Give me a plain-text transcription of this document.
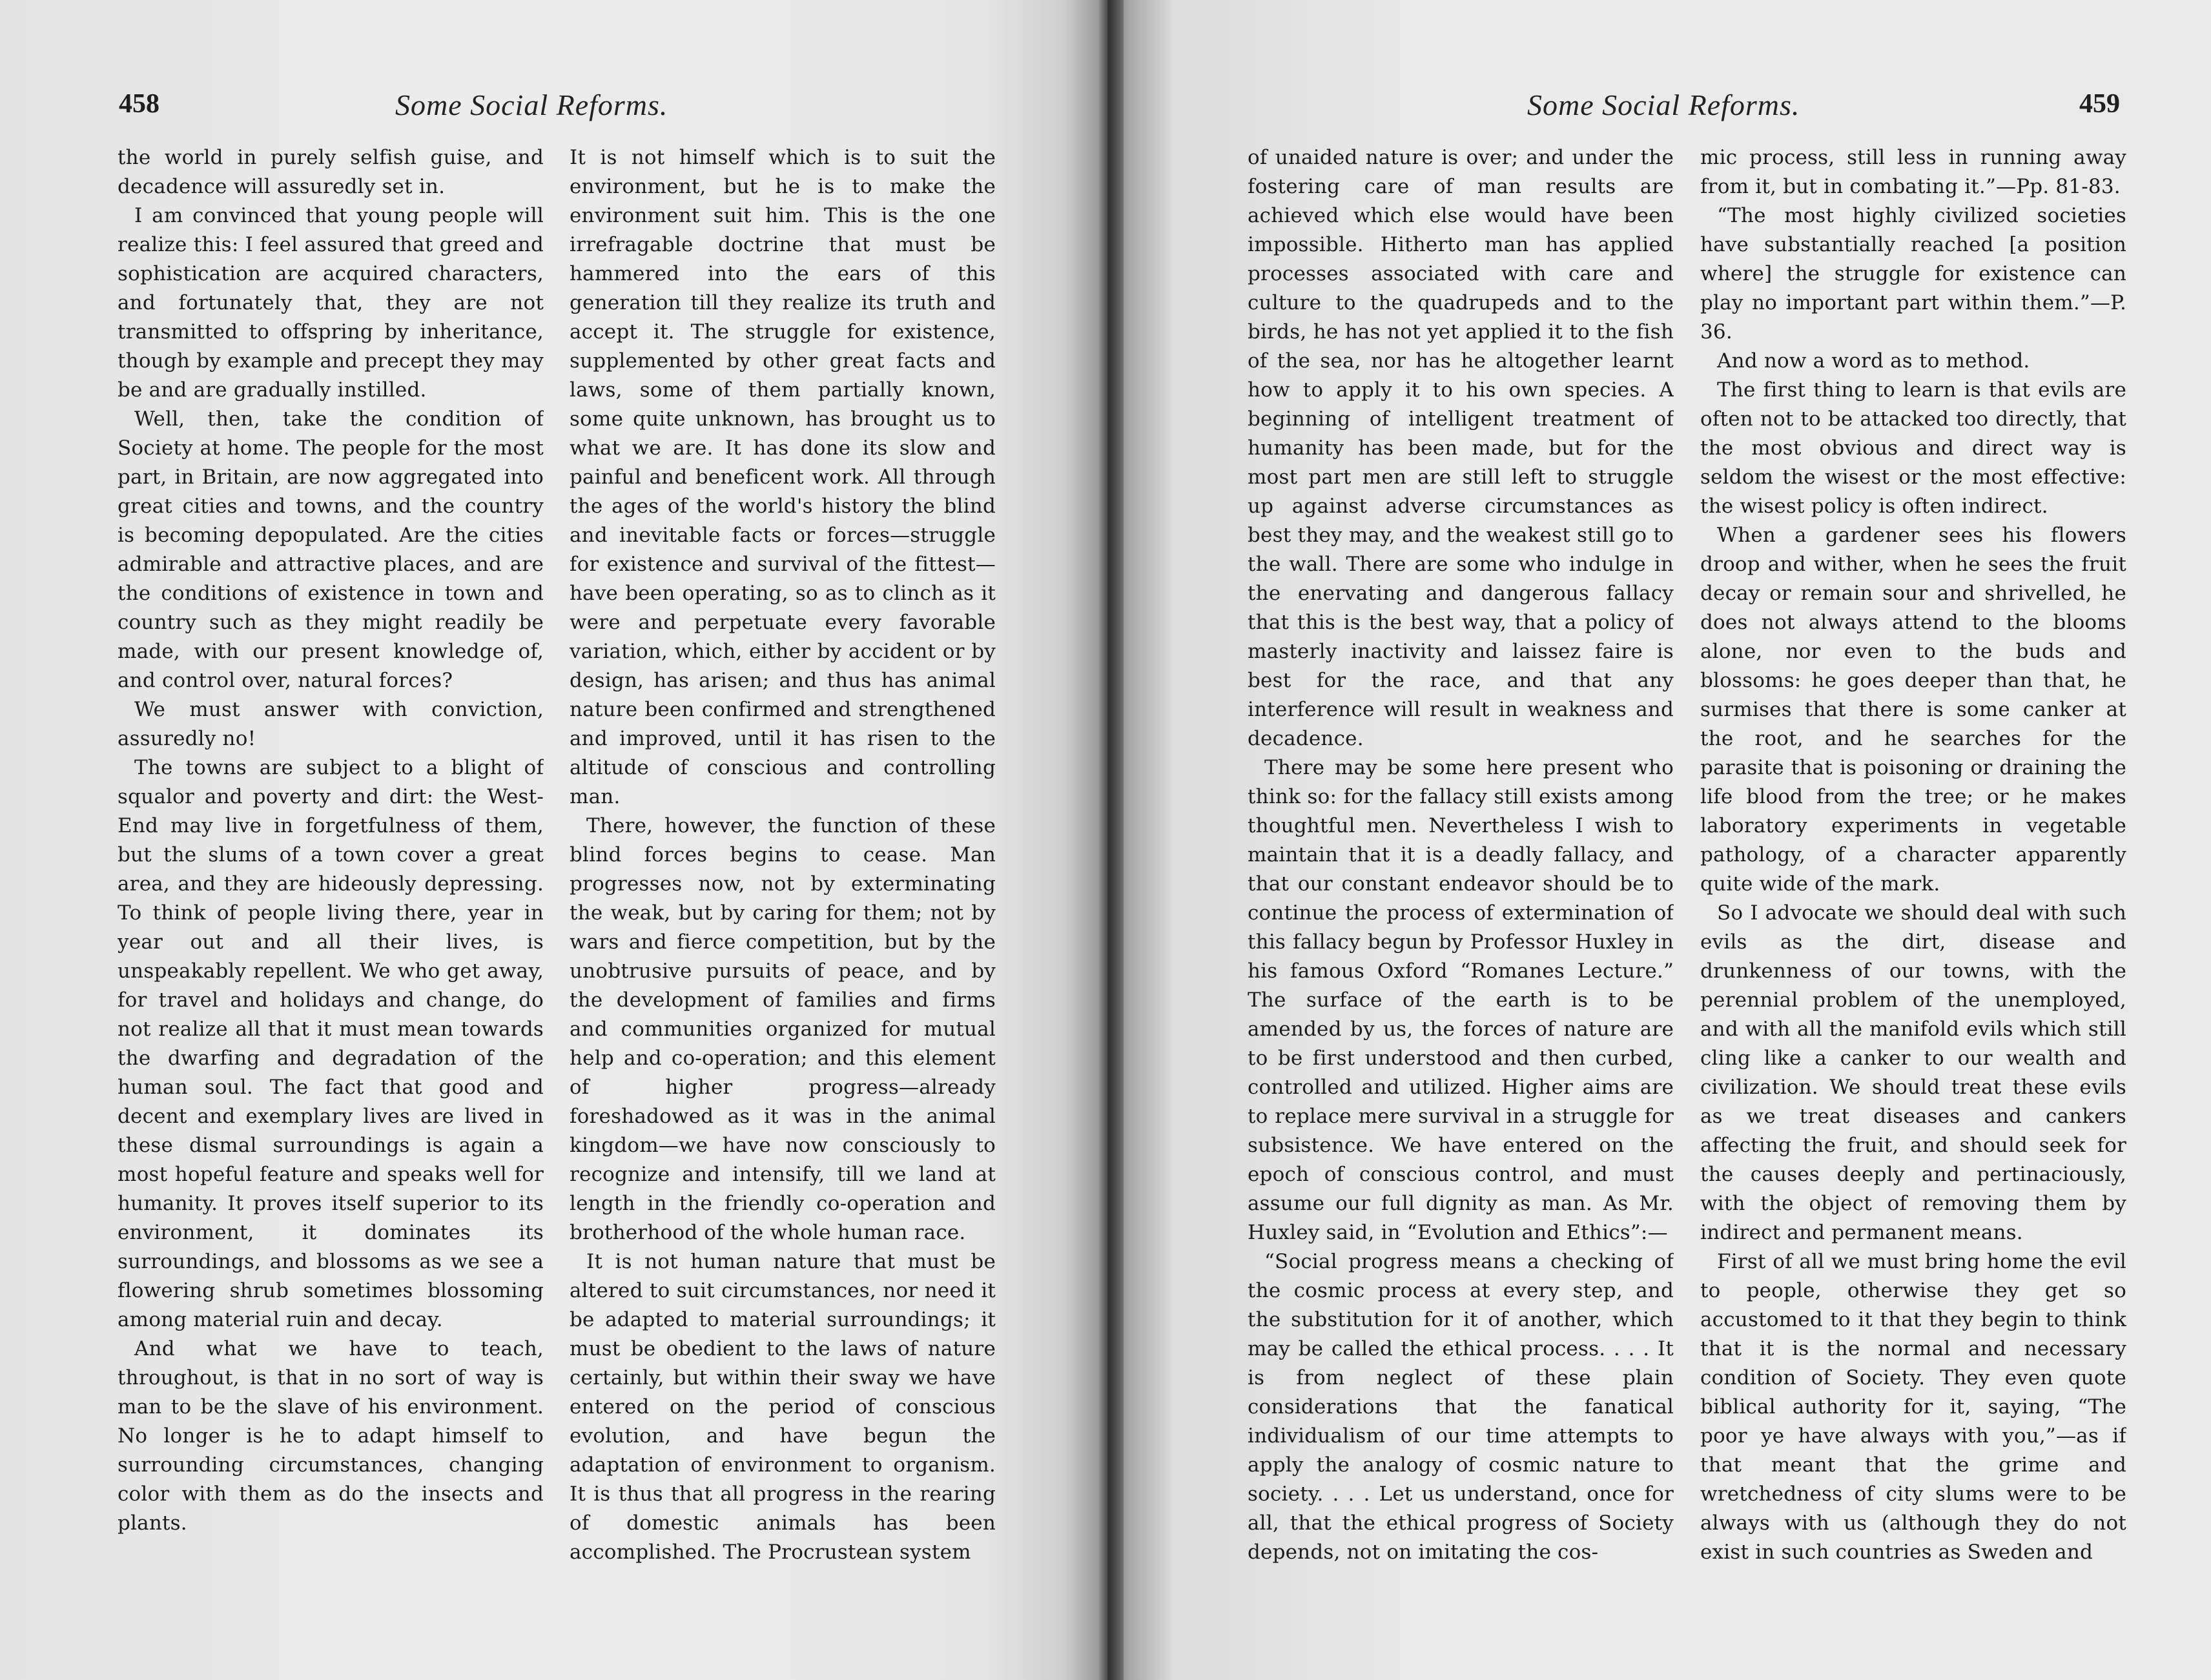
458	Some Social Reforms.

the world in purely selfish guise, and decadence will assuredly set in.

I am convinced that young people will realize this: I feel assured that greed and sophistication are acquired characters, and fortunately that, they are not transmitted to offspring by inheritance, though by example and precept they may be and are gradually instilled.

Well, then, take the condition of Society at home. The people for the most part, in Britain, are now aggregated into great cities and towns, and the country is becoming depopulated. Are the cities admirable and attractive places, and are the conditions of existence in town and country such as they might readily be made, with our present knowledge of, and control over, natural forces?

We must answer with conviction, assuredly no!

The towns are subject to a blight of squalor and poverty and dirt: the West-End may live in forgetfulness of them, but the slums of a town cover a great area, and they are hideously depressing. To think of people living there, year in year out and all their lives, is unspeakably repellent. We who get away, for travel and holidays and change, do not realize all that it must mean towards the dwarfing and degradation of the human soul. The fact that good and decent and exemplary lives are lived in these dismal surroundings is again a most hopeful feature and speaks well for humanity. It proves itself superior to its environment, it dominates its surroundings, and blossoms as we see a flowering shrub sometimes blossoming among material ruin and decay.

And what we have to teach, throughout, is that in no sort of way is man to be the slave of his environment. No longer is he to adapt himself to surrounding circumstances, changing color with them as do the insects and plants.

It is not himself which is to suit the environment, but he is to make the environment suit him. This is the one irrefragable doctrine that must be hammered into the ears of this generation till they realize its truth and accept it. The struggle for existence, supplemented by other great facts and laws, some of them partially known, some quite unknown, has brought us to what we are. It has done its slow and painful and beneficent work. All through the ages of the world's history the blind and inevitable facts or forces—struggle for existence and survival of the fittest—have been operating, so as to clinch as it were and perpetuate every favorable variation, which, either by accident or by design, has arisen; and thus has animal nature been confirmed and strengthened and improved, until it has risen to the altitude of conscious and controlling man.

There, however, the function of these blind forces begins to cease. Man progresses now, not by exterminating the weak, but by caring for them; not by wars and fierce competition, but by the unobtrusive pursuits of peace, and by the development of families and firms and communities organized for mutual help and co-operation; and this element of higher progress—already foreshadowed as it was in the animal kingdom—we have now consciously to recognize and intensify, till we land at length in the friendly co-operation and brotherhood of the whole human race.

It is not human nature that must be altered to suit circumstances, nor need it be adapted to material surroundings; it must be obedient to the laws of nature certainly, but within their sway we have entered on the period of conscious evolution, and have begun the adaptation of environment to organism. It is thus that all progress in the rearing of domestic animals has been accomplished. The Procrustean system

Some Social Reforms.	459

of unaided nature is over; and under the fostering care of man results are achieved which else would have been impossible. Hitherto man has applied processes associated with care and culture to the quadrupeds and to the birds, he has not yet applied it to the fish of the sea, nor has he altogether learnt how to apply it to his own species. A beginning of intelligent treatment of humanity has been made, but for the most part men are still left to struggle up against adverse circumstances as best they may, and the weakest still go to the wall. There are some who indulge in the enervating and dangerous fallacy that this is the best way, that a policy of masterly inactivity and laissez faire is best for the race, and that any interference will result in weakness and decadence.

There may be some here present who think so: for the fallacy still exists among thoughtful men. Nevertheless I wish to maintain that it is a deadly fallacy, and that our constant endeavor should be to continue the process of extermination of this fallacy begun by Professor Huxley in his famous Oxford “Romanes Lecture.” The surface of the earth is to be amended by us, the forces of nature are to be first understood and then curbed, controlled and utilized. Higher aims are to replace mere survival in a struggle for subsistence. We have entered on the epoch of conscious control, and must assume our full dignity as man. As Mr. Huxley said, in “Evolution and Ethics”:—

“Social progress means a checking of the cosmic process at every step, and the substitution for it of another, which may be called the ethical process. . . . It is from neglect of these plain considerations that the fanatical individualism of our time attempts to apply the analogy of cosmic nature to society. . . . Let us understand, once for all, that the ethical progress of Society depends, not on imitating the cos-

mic process, still less in running away from it, but in combating it.”—Pp. 81-83.

“The most highly civilized societies have substantially reached [a position where] the struggle for existence can play no important part within them.”—P. 36.

And now a word as to method.

The first thing to learn is that evils are often not to be attacked too directly, that the most obvious and direct way is seldom the wisest or the most effective: the wisest policy is often indirect.

When a gardener sees his flowers droop and wither, when he sees the fruit decay or remain sour and shrivelled, he does not always attend to the blooms alone, nor even to the buds and blossoms: he goes deeper than that, he surmises that there is some canker at the root, and he searches for the parasite that is poisoning or draining the life blood from the tree; or he makes laboratory experiments in vegetable pathology, of a character apparently quite wide of the mark.

So I advocate we should deal with such evils as the dirt, disease and drunkenness of our towns, with the perennial problem of the unemployed, and with all the manifold evils which still cling like a canker to our wealth and civilization. We should treat these evils as we treat diseases and cankers affecting the fruit, and should seek for the causes deeply and pertinaciously, with the object of removing them by indirect and permanent means.

First of all we must bring home the evil to people, otherwise they get so accustomed to it that they begin to think that it is the normal and necessary condition of Society. They even quote biblical authority for it, saying, “The poor ye have always with you,”—as if that meant that the grime and wretchedness of city slums were to be always with us (although they do not exist in such countries as Sweden and
